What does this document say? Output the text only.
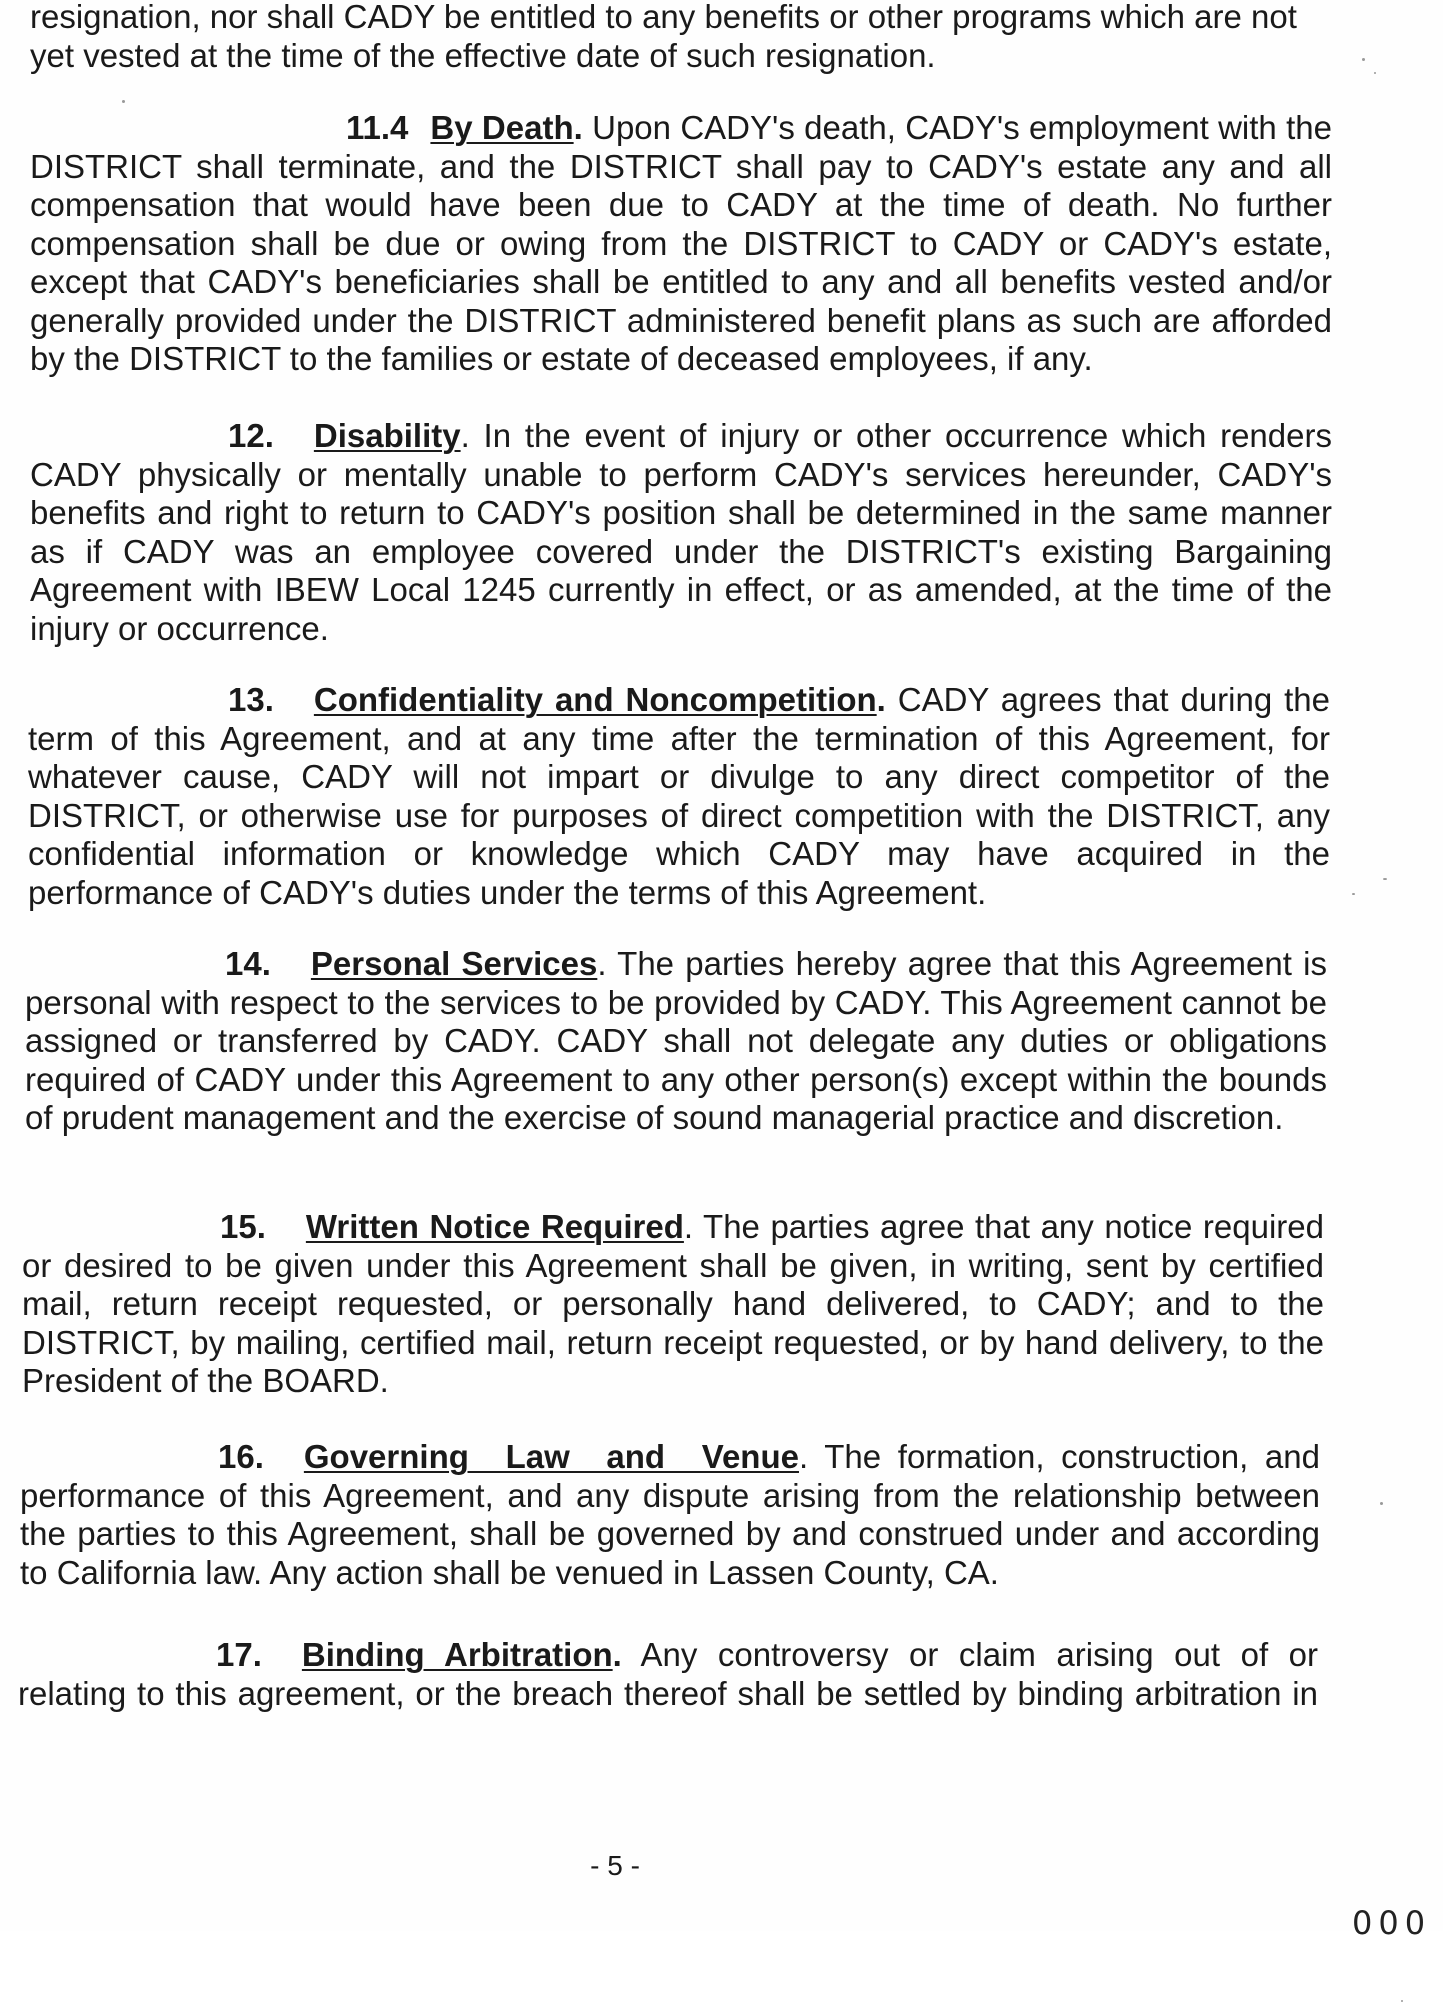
resignation, nor shall CADY be entitled to any benefits or other programs which are not yet vested at the time of the effective date of such resignation.

11.4 By Death. Upon CADY's death, CADY's employment with the DISTRICT shall terminate, and the DISTRICT shall pay to CADY's estate any and all compensation that would have been due to CADY at the time of death. No further compensation shall be due or owing from the DISTRICT to CADY or CADY's estate, except that CADY's beneficiaries shall be entitled to any and all benefits vested and/or generally provided under the DISTRICT administered benefit plans as such are afforded by the DISTRICT to the families or estate of deceased employees, if any.

12. Disability. In the event of injury or other occurrence which renders CADY physically or mentally unable to perform CADY's services hereunder, CADY's benefits and right to return to CADY's position shall be determined in the same manner as if CADY was an employee covered under the DISTRICT's existing Bargaining Agreement with IBEW Local 1245 currently in effect, or as amended, at the time of the injury or occurrence.

13. Confidentiality and Noncompetition. CADY agrees that during the term of this Agreement, and at any time after the termination of this Agreement, for whatever cause, CADY will not impart or divulge to any direct competitor of the DISTRICT, or otherwise use for purposes of direct competition with the DISTRICT, any confidential information or knowledge which CADY may have acquired in the performance of CADY's duties under the terms of this Agreement.

14. Personal Services. The parties hereby agree that this Agreement is personal with respect to the services to be provided by CADY. This Agreement cannot be assigned or transferred by CADY. CADY shall not delegate any duties or obligations required of CADY under this Agreement to any other person(s) except within the bounds of prudent management and the exercise of sound managerial practice and discretion.

15. Written Notice Required. The parties agree that any notice required or desired to be given under this Agreement shall be given, in writing, sent by certified mail, return receipt requested, or personally hand delivered, to CADY; and to the DISTRICT, by mailing, certified mail, return receipt requested, or by hand delivery, to the President of the BOARD.

16. Governing Law and Venue. The formation, construction, and performance of this Agreement, and any dispute arising from the relationship between the parties to this Agreement, shall be governed by and construed under and according to California law. Any action shall be venued in Lassen County, CA.

17. Binding Arbitration. Any controversy or claim arising out of or relating to this agreement, or the breach thereof shall be settled by binding arbitration in

- 5 -
000
